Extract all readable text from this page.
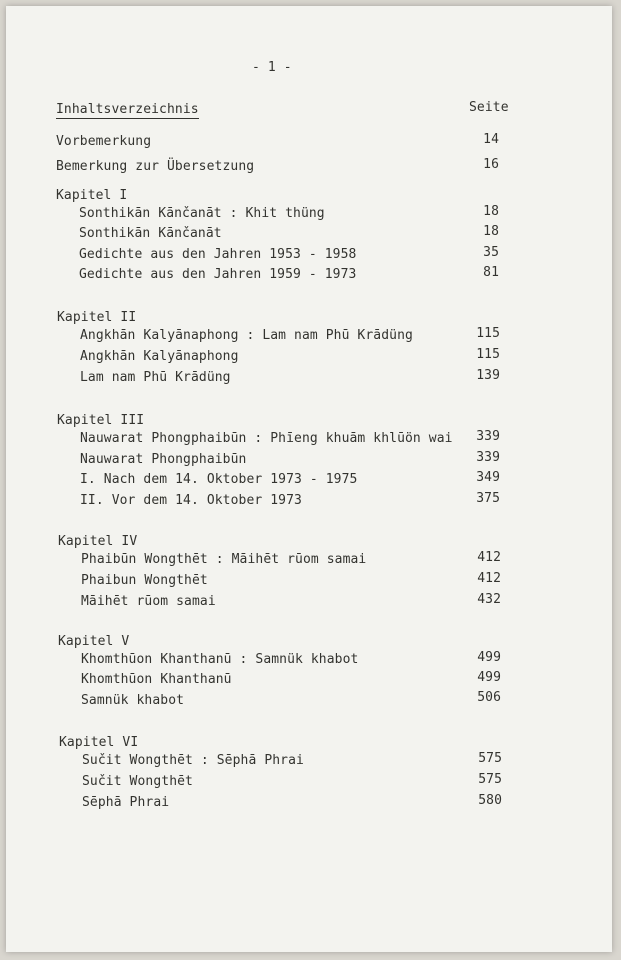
- 1 -
Inhaltsverzeichnis	Seite
Vorbemerkung	14
Bemerkung zur Übersetzung	16
Kapitel I
Sonthikān Kānčanāt : Khit thüng	18
Sonthikān Kānčanāt	18
Gedichte aus den Jahren 1953 - 1958	35
Gedichte aus den Jahren 1959 - 1973	81
Kapitel II
Angkhān Kalyānaphong : Lam nam Phū Krādüng	115
Angkhān Kalyānaphong	115
Lam nam Phū Krādüng	139
Kapitel III
Nauwarat Phongphaibūn : Phīeng khuām khlūön wai	339
Nauwarat Phongphaibūn	339
I. Nach dem 14. Oktober 1973 - 1975	349
II. Vor dem 14. Oktober 1973	375
Kapitel IV
Phaibūn Wongthēt : Māihēt rūom samai	412
Phaibun Wongthēt	412
Māihēt rūom samai	432
Kapitel V
Khomthūon Khanthanū : Samnük khabot	499
Khomthūon Khanthanū	499
Samnük khabot	506
Kapitel VI
Sučit Wongthēt : Sēphā Phrai	575
Sučit Wongthēt	575
Sēphā Phrai	580
